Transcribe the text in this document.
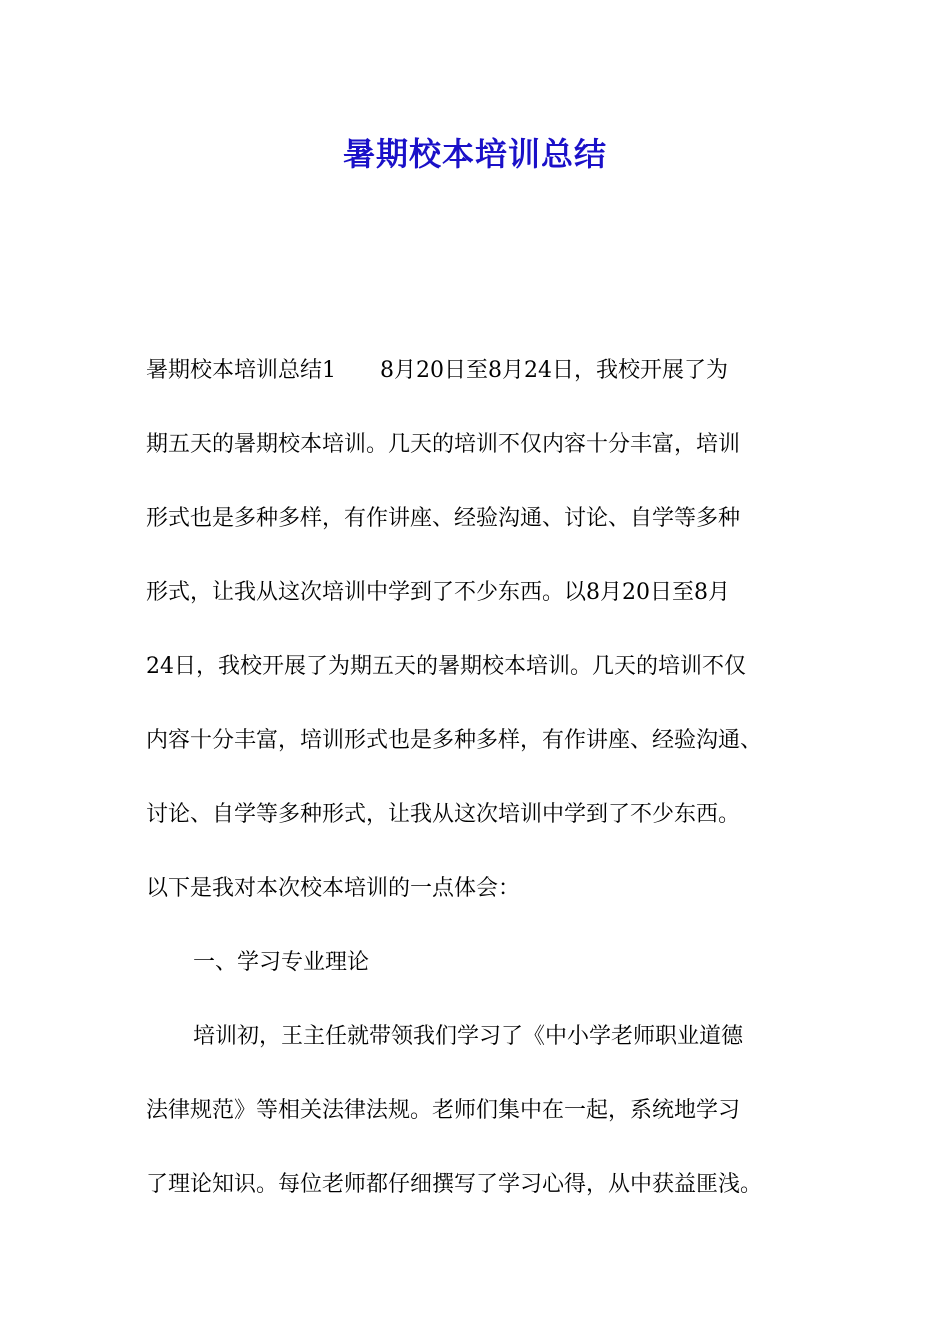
暑期校本培训总结
暑期校本培训总结1　　8月20日至8月24日，我校开展了为
期五天的暑期校本培训。几天的培训不仅内容十分丰富，培训
形式也是多种多样，有作讲座、经验沟通、讨论、自学等多种
形式，让我从这次培训中学到了不少东西。以8月20日至8月
24日，我校开展了为期五天的暑期校本培训。几天的培训不仅
内容十分丰富，培训形式也是多种多样，有作讲座、经验沟通、
讨论、自学等多种形式，让我从这次培训中学到了不少东西。
以下是我对本次校本培训的一点体会：
一、学习专业理论
培训初，王主任就带领我们学习了《中小学老师职业道德
法律规范》等相关法律法规。老师们集中在一起，系统地学习
了理论知识。每位老师都仔细撰写了学习心得，从中获益匪浅。
